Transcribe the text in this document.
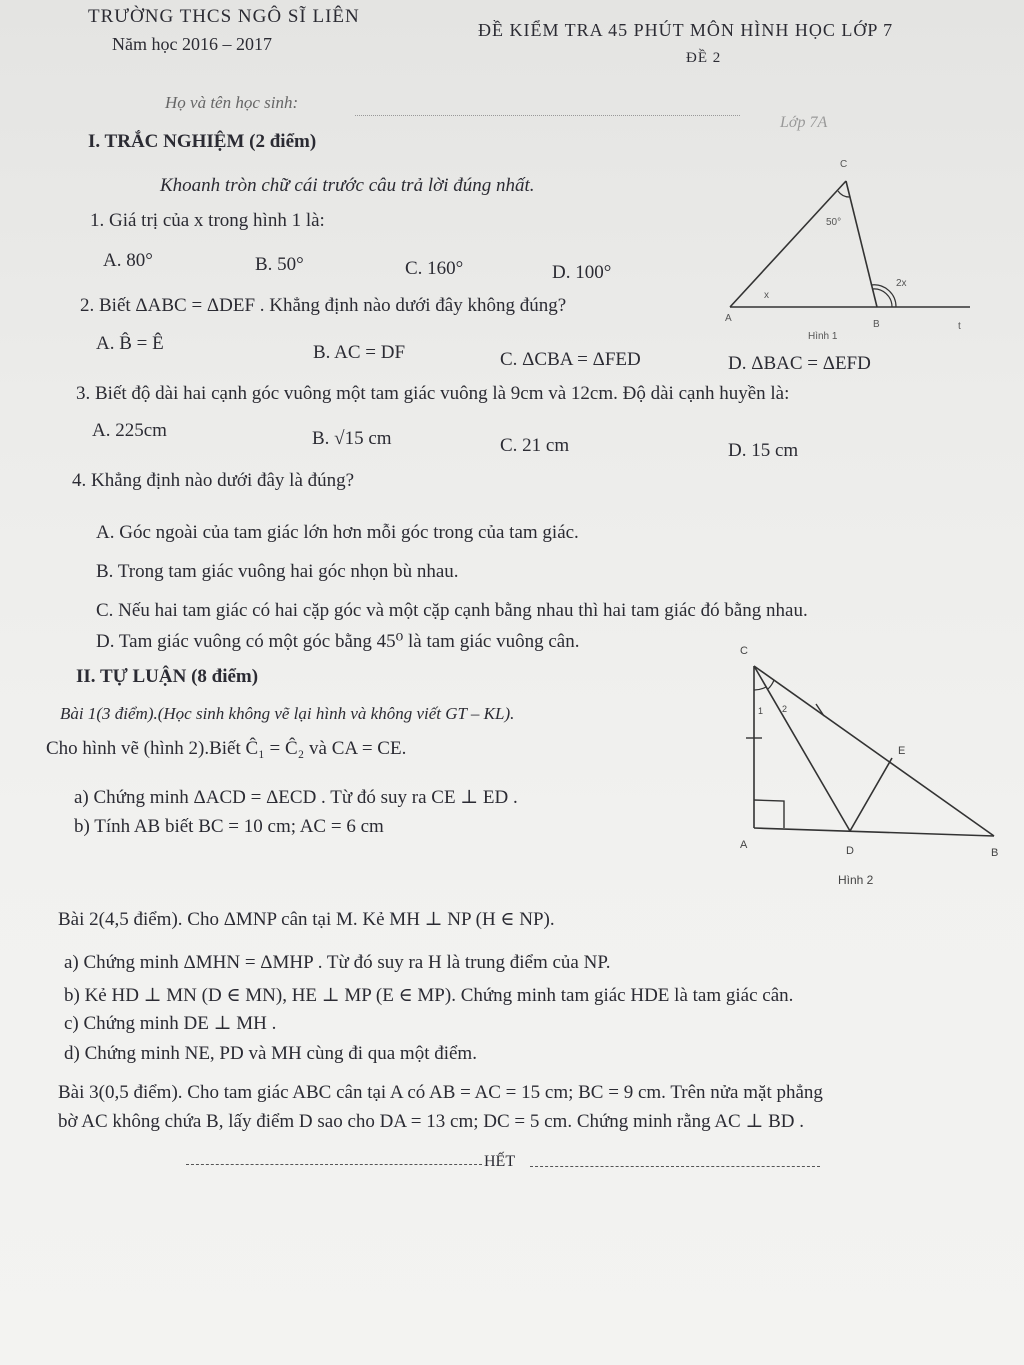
TRƯỜNG THCS NGÔ SĨ LIÊN
Năm học 2016 – 2017
ĐỀ KIỂM TRA 45 PHÚT MÔN HÌNH HỌC LỚP 7
ĐỀ 2
Họ và tên học sinh:
Lớp 7A
I. TRẮC NGHIỆM (2 điểm)
Khoanh tròn chữ cái trước câu trả lời đúng nhất.
1. Giá trị của x trong hình 1 là:
A. 80°	B. 50°	C. 160°	D. 100°
2. Biết ΔABC = ΔDEF . Khẳng định nào dưới đây không đúng?
A. B̂ = Ê	B. AC = DF	C. ΔCBA = ΔFED	D. ΔBAC = ΔEFD
3. Biết độ dài hai cạnh góc vuông một tam giác vuông là 9cm và 12cm. Độ dài cạnh huyền là:
A. 225cm	B. √15 cm	C. 21 cm	D. 15 cm
4. Khẳng định nào dưới đây là đúng?
A. Góc ngoài của tam giác lớn hơn mỗi góc trong của tam giác.
B. Trong tam giác vuông hai góc nhọn bù nhau.
C. Nếu hai tam giác có hai cặp góc và một cặp cạnh bằng nhau thì hai tam giác đó bằng nhau.
D. Tam giác vuông có một góc bằng 45⁰ là tam giác vuông cân.
II. TỰ LUẬN (8 điểm)
Bài 1(3 điểm).(Học sinh không vẽ lại hình và không viết GT – KL).
Cho hình vẽ (hình 2).Biết Ĉ₁ = Ĉ₂ và CA = CE.
a) Chứng minh ΔACD = ΔECD . Từ đó suy ra CE ⊥ ED .
b) Tính AB biết BC = 10 cm; AC = 6 cm
Bài 2(4,5 điểm). Cho ΔMNP cân tại M. Kẻ MH ⊥ NP (H ∈ NP).
a) Chứng minh ΔMHN = ΔMHP . Từ đó suy ra H là trung điểm của NP.
b) Kẻ HD ⊥ MN (D ∈ MN), HE ⊥ MP (E ∈ MP). Chứng minh tam giác HDE là tam giác cân.
c) Chứng minh DE ⊥ MH .
d) Chứng minh NE, PD và MH cùng đi qua một điểm.
Bài 3(0,5 điểm). Cho tam giác ABC cân tại A có AB = AC = 15 cm; BC = 9 cm. Trên nửa mặt phẳng
bờ AC không chứa B, lấy điểm D sao cho DA = 13 cm; DC = 5 cm. Chứng minh rằng AC ⊥ BD .
HẾT
C
50°
2x
x
A
B	t
Hình 1
C
1 2
E
A	D	B
Hình 2
